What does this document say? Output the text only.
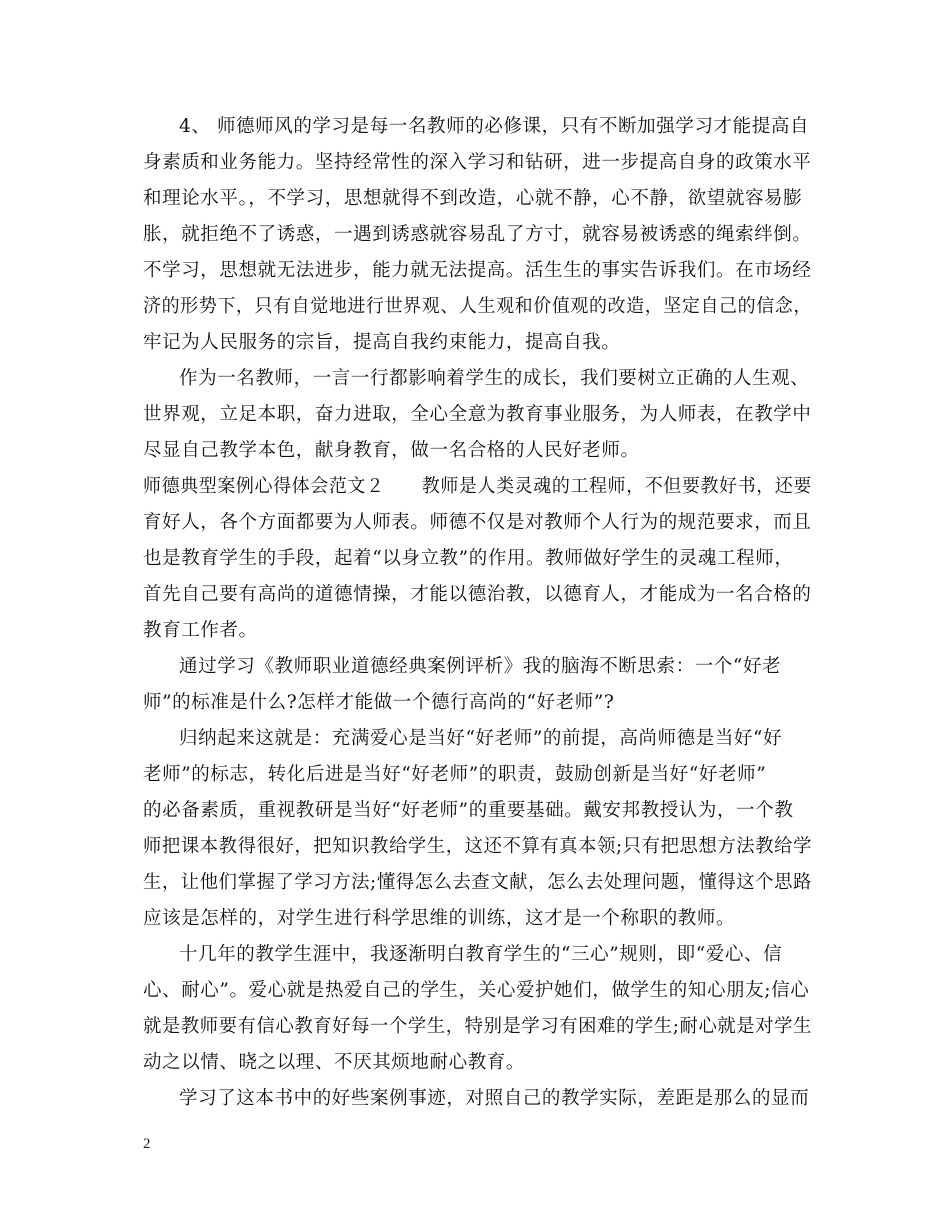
4、 师德师风的学习是每一名教师的必修课，只有不断加强学习才能提高自
身素质和业务能力。坚持经常性的深入学习和钻研，进一步提高自身的政策水平
和理论水平。，不学习，思想就得不到改造，心就不静，心不静，欲望就容易膨
胀，就拒绝不了诱惑，一遇到诱惑就容易乱了方寸，就容易被诱惑的绳索绊倒。
不学习，思想就无法进步，能力就无法提高。活生生的事实告诉我们。在市场经
济的形势下，只有自觉地进行世界观、人生观和价值观的改造，坚定自己的信念，
牢记为人民服务的宗旨，提高自我约束能力，提高自我。
作为一名教师，一言一行都影响着学生的成长，我们要树立正确的人生观、
世界观，立足本职，奋力进取，全心全意为教育事业服务，为人师表，在教学中
尽显自己教学本色，献身教育，做一名合格的人民好老师。
师德典型案例心得体会范文２　　教师是人类灵魂的工程师，不但要教好书，还要
育好人，各个方面都要为人师表。师德不仅是对教师个人行为的规范要求，而且
也是教育学生的手段，起着“以身立教”的作用。教师做好学生的灵魂工程师，
首先自己要有高尚的道德情操，才能以德治教，以德育人，才能成为一名合格的
教育工作者。
通过学习《教师职业道德经典案例评析》我的脑海不断思索：一个“好老
师”的标准是什么?怎样才能做一个德行高尚的“好老师”?
归纳起来这就是：充满爱心是当好“好老师”的前提，高尚师德是当好“好
老师”的标志，转化后进是当好“好老师”的职责，鼓励创新是当好“好老师”
的必备素质，重视教研是当好“好老师”的重要基础。戴安邦教授认为，一个教
师把课本教得很好，把知识教给学生，这还不算有真本领;只有把思想方法教给学
生，让他们掌握了学习方法;懂得怎么去查文献，怎么去处理问题，懂得这个思路
应该是怎样的，对学生进行科学思维的训练，这才是一个称职的教师。
十几年的教学生涯中，我逐渐明白教育学生的“三心”规则，即“爱心、信
心、耐心”。爱心就是热爱自己的学生，关心爱护她们，做学生的知心朋友;信心
就是教师要有信心教育好每一个学生，特别是学习有困难的学生;耐心就是对学生
动之以情、晓之以理、不厌其烦地耐心教育。
学习了这本书中的好些案例事迹，对照自己的教学实际，差距是那么的显而
2
